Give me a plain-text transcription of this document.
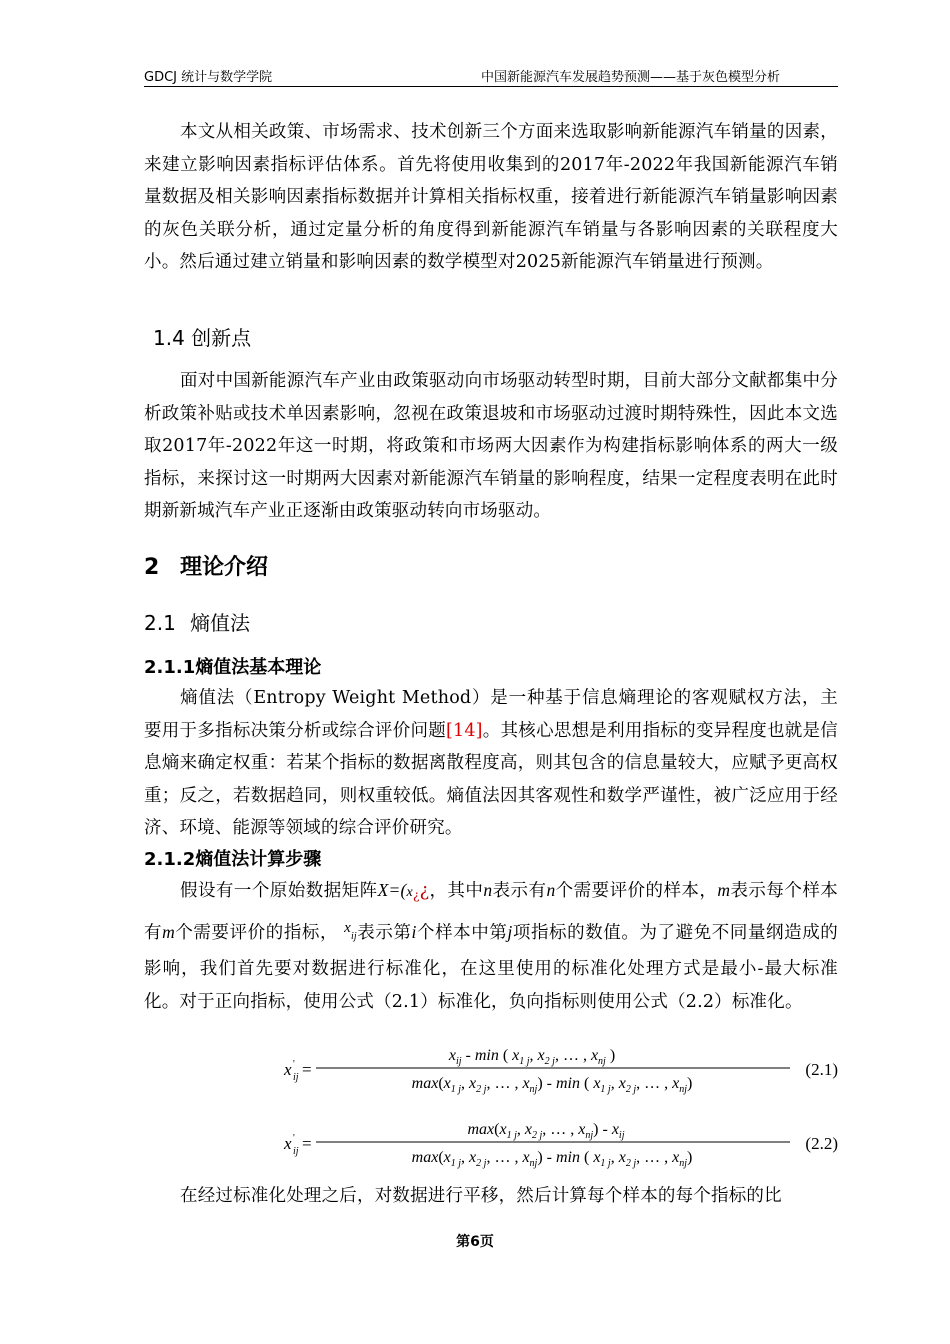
GDCJ 统计与数学学院	中国新能源汽车发展趋势预测——基于灰色模型分析
本文从相关政策、市场需求、技术创新三个方面来选取影响新能源汽车销量的因素，来建立影响因素指标评估体系。首先将使用收集到的2017年-2022年我国新能源汽车销量数据及相关影响因素指标数据并计算相关指标权重，接着进行新能源汽车销量影响因素的灰色关联分析，通过定量分析的角度得到新能源汽车销量与各影响因素的关联程度大小。然后通过建立销量和影响因素的数学模型对2025新能源汽车销量进行预测。
1.4 创新点
面对中国新能源汽车产业由政策驱动向市场驱动转型时期，目前大部分文献都集中分析政策补贴或技术单因素影响，忽视在政策退坡和市场驱动过渡时期特殊性，因此本文选取2017年-2022年这一时期，将政策和市场两大因素作为构建指标影响体系的两大一级指标，来探讨这一时期两大因素对新能源汽车销量的影响程度，结果一定程度表明在此时期新新城汽车产业正逐渐由政策驱动转向市场驱动。
2 理论介绍
2.1 熵值法
2.1.1熵值法基本理论
熵值法（Entropy Weight Method）是一种基于信息熵理论的客观赋权方法，主要用于多指标决策分析或综合评价问题[14]。其核心思想是利用指标的变异程度也就是信息熵来确定权重：若某个指标的数据离散程度高，则其包含的信息量较大，应赋予更高权重；反之，若数据趋同，则权重较低。熵值法因其客观性和数学严谨性，被广泛应用于经济、环境、能源等领域的综合评价研究。
2.1.2熵值法计算步骤
假设有一个原始数据矩阵X=(x¿¿，其中n表示有n个需要评价的样本，m表示每个样本有m个需要评价的指标， xij表示第i个样本中第j项指标的数值。为了避免不同量纲造成的影响，我们首先要对数据进行标准化，在这里使用的标准化处理方式是最小-最大标准化。对于正向指标，使用公式（2.1）标准化，负向指标则使用公式（2.2）标准化。
x '
ij =
$x_{ij}$ - min ( $x_{1 j}$, $x_{2 j}$, … , $x_{nj}$ )
$\max(x_{1 j}$, $x_{2 j}$, … , $x_{nj}$) - min ( $x_{1 j}$, $x_{2 j}$, … , $x_{nj}$)
(2.1)
x '
ij =
$\max(x_{1 j}$, $x_{2 j}$, … , $x_{nj}) - x_{ij}$
$\max(x_{1 j}$, $x_{2 j}$, … , $x_{nj}$) - min ( $x_{1 j}$, $x_{2 j}$, … , $x_{nj}$)
(2.2)
在经过标准化处理之后，对数据进行平移，然后计算每个样本的每个指标的比
第6页
